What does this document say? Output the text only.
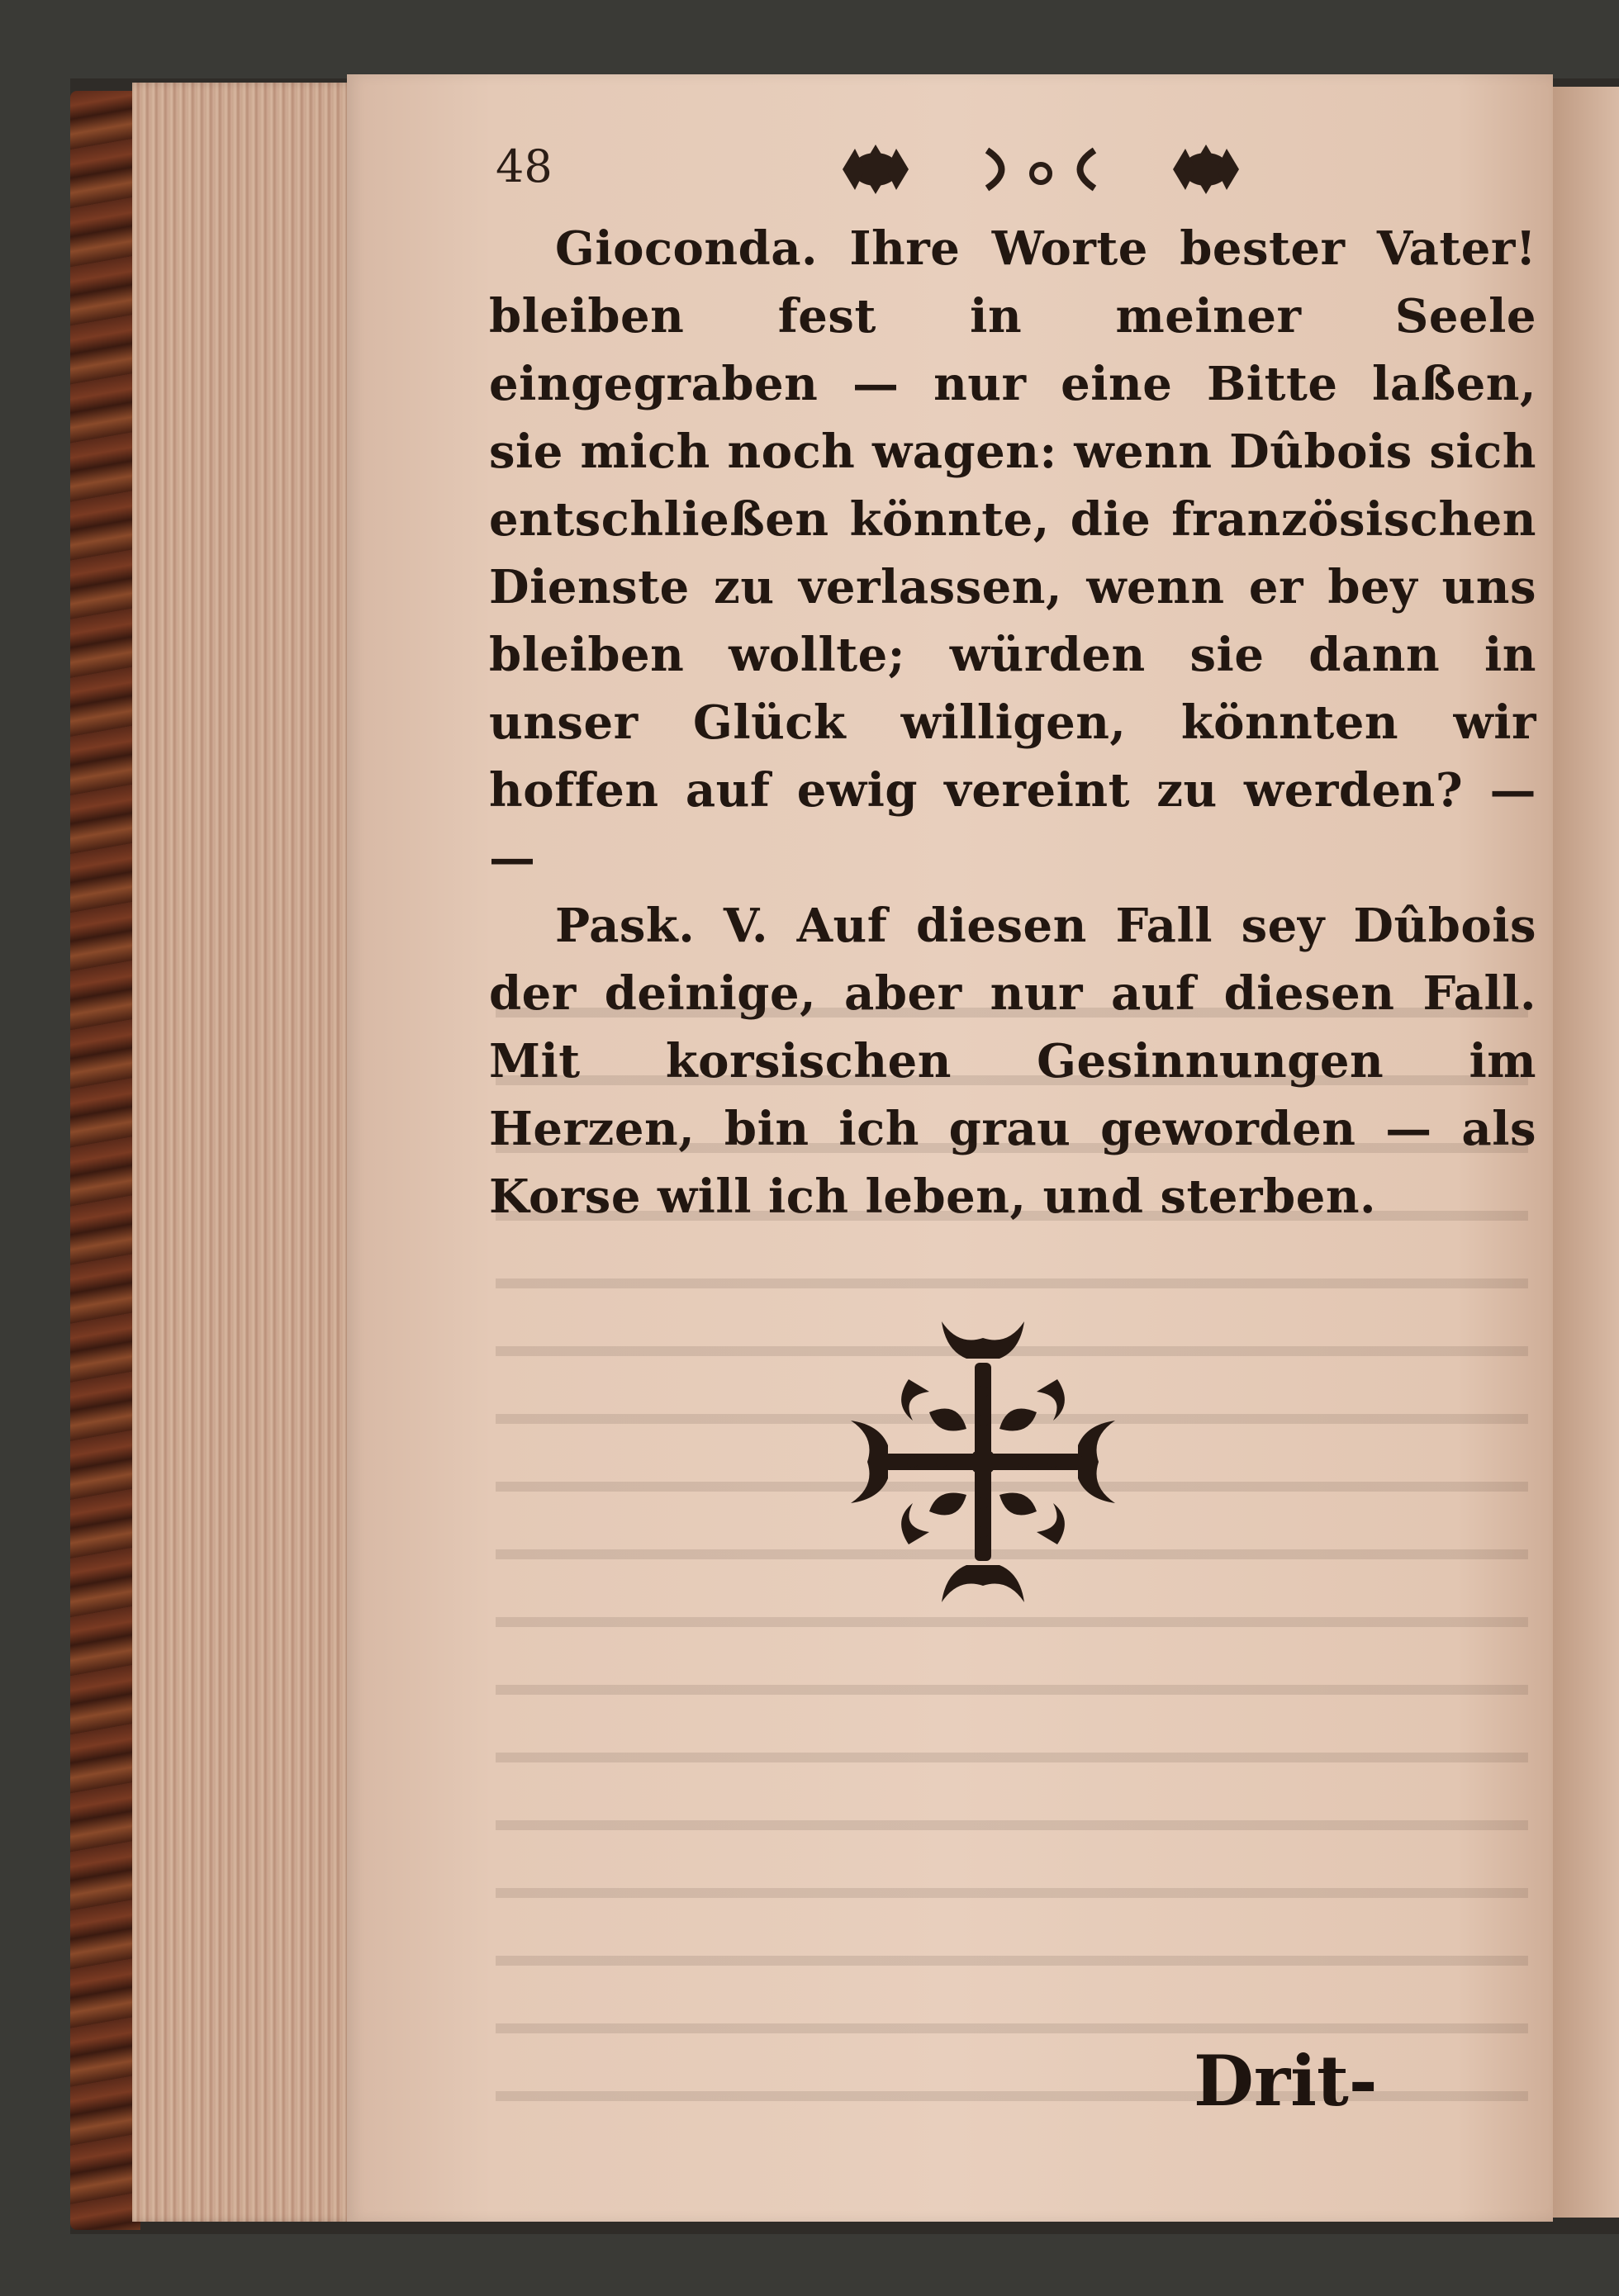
48

Gioconda. Ihre Worte bester Vater! bleiben fest in meiner Seele eingegraben — nur eine Bitte laßen, sie mich noch wagen: wenn Dûbois sich entschließen könnte, die französischen Dienste zu verlassen, wenn er bey uns bleiben wollte; würden sie dann in unser Glück willigen, könnten wir hoffen auf ewig vereint zu werden? — —

Pask. V. Auf diesen Fall sey Dûbois der deinige, aber nur auf diesen Fall. Mit korsischen Gesinnungen im Herzen, bin ich grau geworden — als Korse will ich leben, und sterben.

Drit-
